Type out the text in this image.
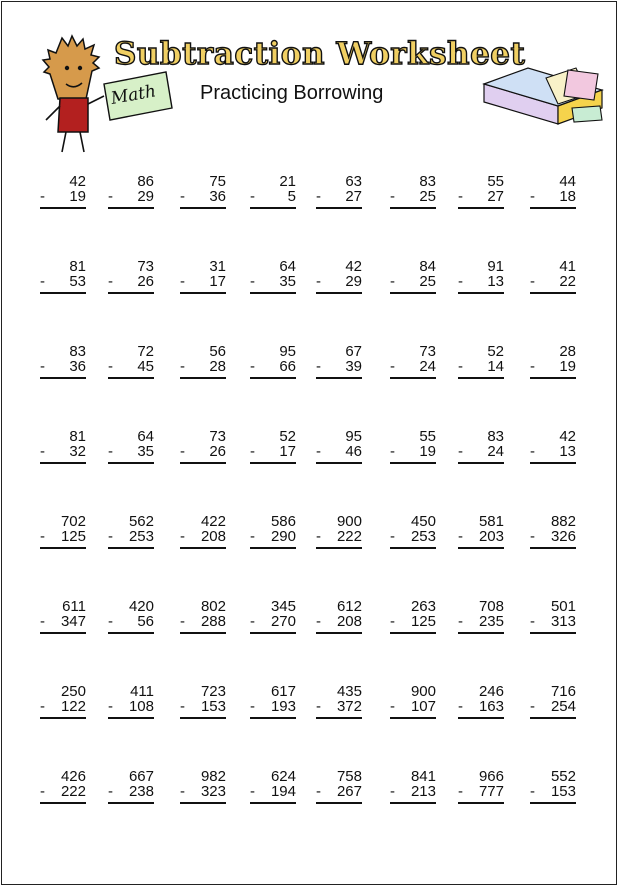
Math
Subtraction Worksheet
Practicing Borrowing
42
19
-
86
29
-
75
36
-
21
5
-
63
27
-
83
25
-
55
27
-
44
18
-
81
53
-
73
26
-
31
17
-
64
35
-
42
29
-
84
25
-
91
13
-
41
22
-
83
36
-
72
45
-
56
28
-
95
66
-
67
39
-
73
24
-
52
14
-
28
19
-
81
32
-
64
35
-
73
26
-
52
17
-
95
46
-
55
19
-
83
24
-
42
13
-
702
125
-
562
253
-
422
208
-
586
290
-
900
222
-
450
253
-
581
203
-
882
326
-
611
347
-
420
56
-
802
288
-
345
270
-
612
208
-
263
125
-
708
235
-
501
313
-
250
122
-
411
108
-
723
153
-
617
193
-
435
372
-
900
107
-
246
163
-
716
254
-
426
222
-
667
238
-
982
323
-
624
194
-
758
267
-
841
213
-
966
777
-
552
153
-
